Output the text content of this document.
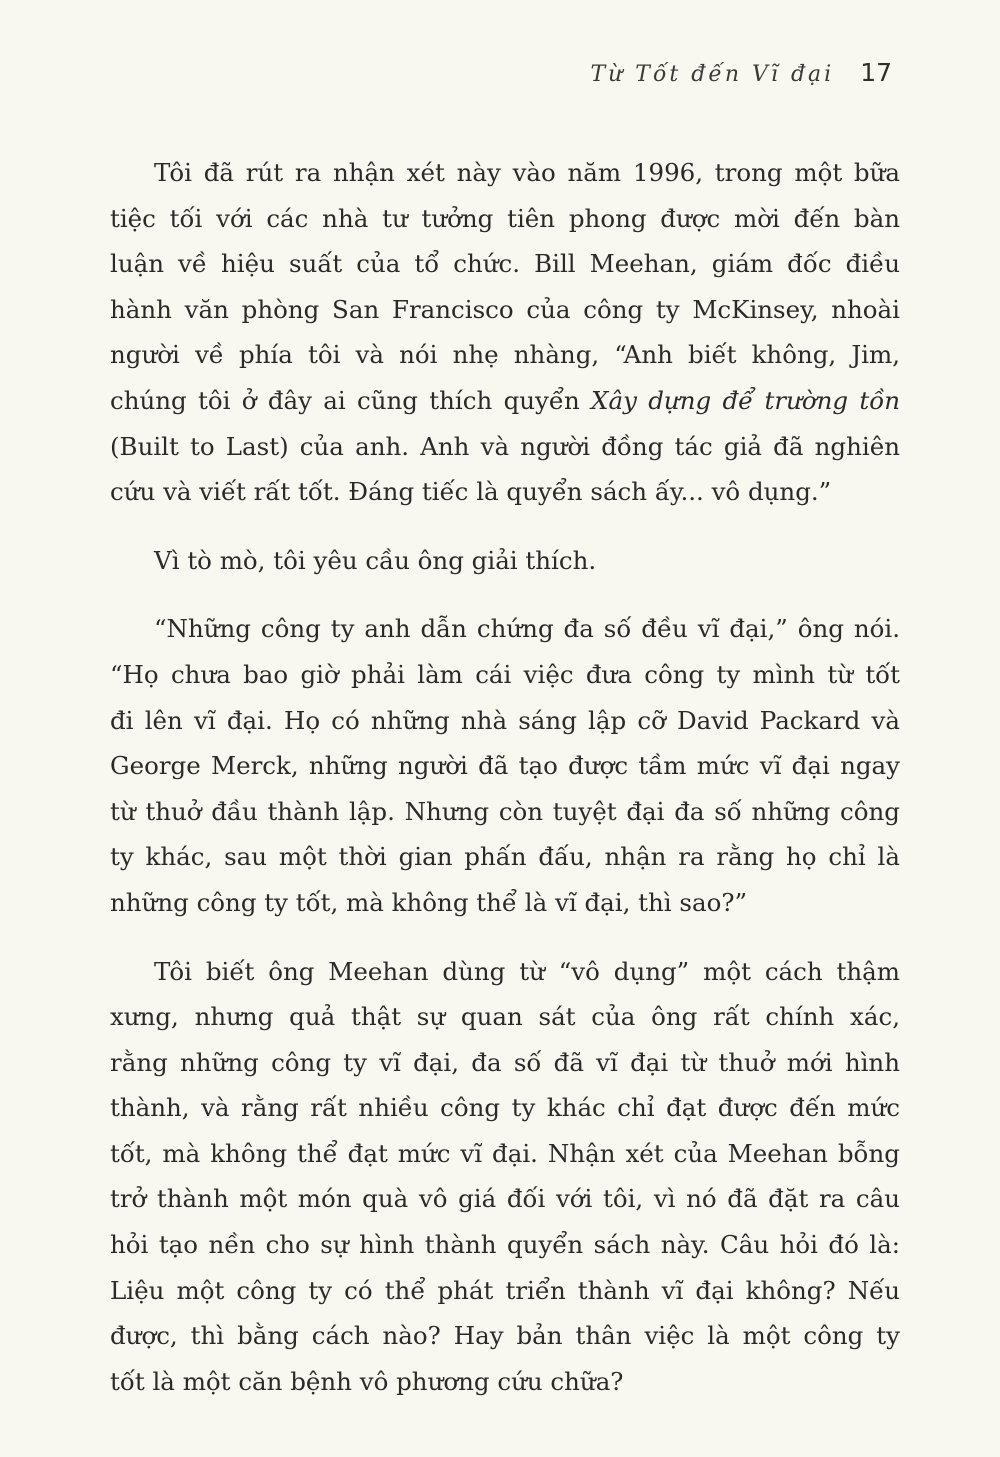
Từ Tốt đến Vĩ đại 17
Tôi đã rút ra nhận xét này vào năm 1996, trong một bữa
tiệc tối với các nhà tư tưởng tiên phong được mời đến bàn
luận về hiệu suất của tổ chức. Bill Meehan, giám đốc điều
hành văn phòng San Francisco của công ty McKinsey, nhoài
người về phía tôi và nói nhẹ nhàng, “Anh biết không, Jim,
chúng tôi ở đây ai cũng thích quyển Xây dựng để trường tồn
(Built to Last) của anh. Anh và người đồng tác giả đã nghiên
cứu và viết rất tốt. Đáng tiếc là quyển sách ấy... vô dụng.”
Vì tò mò, tôi yêu cầu ông giải thích.
“Những công ty anh dẫn chứng đa số đều vĩ đại,” ông nói.
“Họ chưa bao giờ phải làm cái việc đưa công ty mình từ tốt
đi lên vĩ đại. Họ có những nhà sáng lập cỡ David Packard và
George Merck, những người đã tạo được tầm mức vĩ đại ngay
từ thuở đầu thành lập. Nhưng còn tuyệt đại đa số những công
ty khác, sau một thời gian phấn đấu, nhận ra rằng họ chỉ là
những công ty tốt, mà không thể là vĩ đại, thì sao?”
Tôi biết ông Meehan dùng từ “vô dụng” một cách thậm
xưng, nhưng quả thật sự quan sát của ông rất chính xác,
rằng những công ty vĩ đại, đa số đã vĩ đại từ thuở mới hình
thành, và rằng rất nhiều công ty khác chỉ đạt được đến mức
tốt, mà không thể đạt mức vĩ đại. Nhận xét của Meehan bỗng
trở thành một món quà vô giá đối với tôi, vì nó đã đặt ra câu
hỏi tạo nền cho sự hình thành quyển sách này. Câu hỏi đó là:
Liệu một công ty có thể phát triển thành vĩ đại không? Nếu
được, thì bằng cách nào? Hay bản thân việc là một công ty
tốt là một căn bệnh vô phương cứu chữa?
